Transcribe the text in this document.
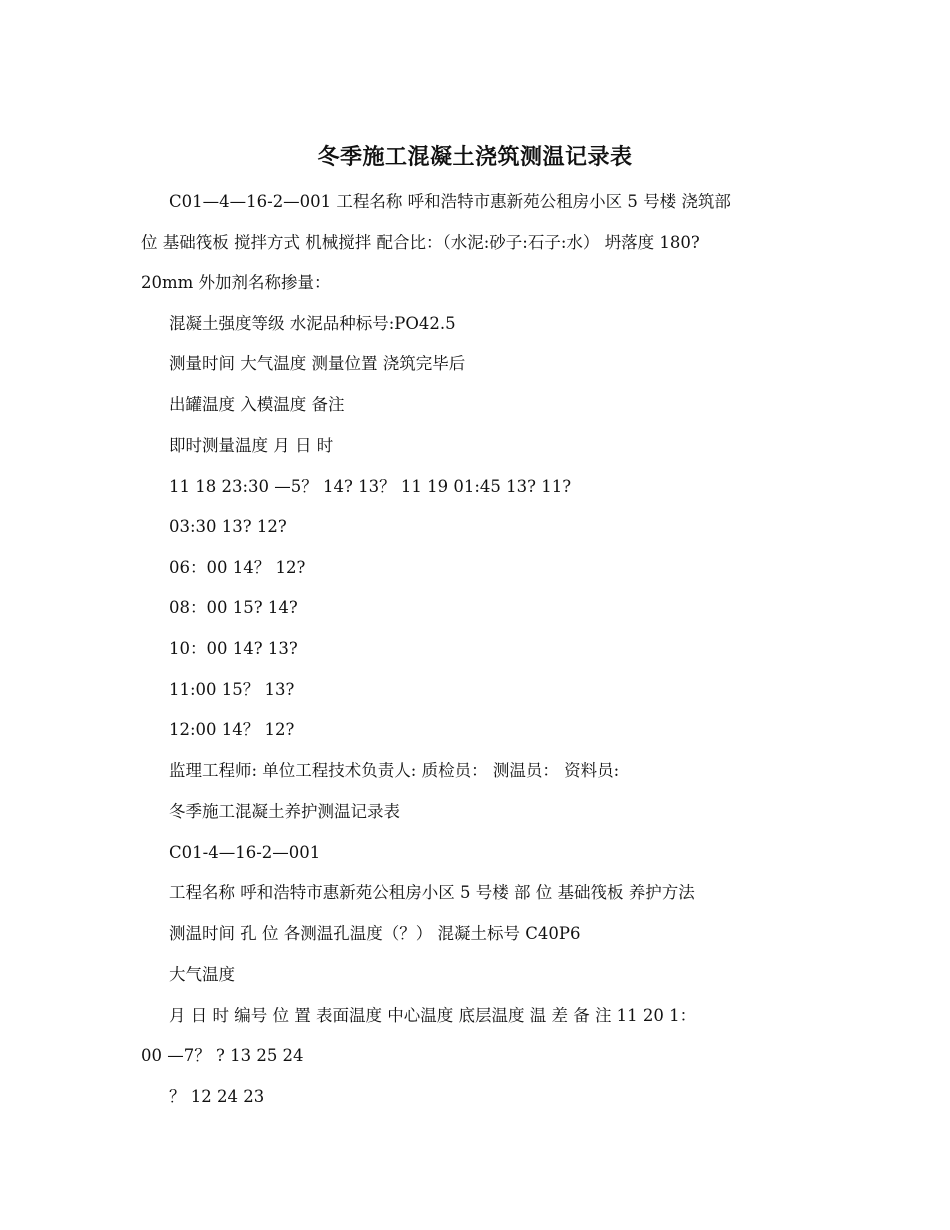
冬季施工混凝土浇筑测温记录表

C01—4—16-2—001 工程名称 呼和浩特市惠新苑公租房小区 5 号楼 浇筑部

位 基础筏板 搅拌方式 机械搅拌 配合比：（水泥:砂子:石子:水） 坍落度 180?

20mm 外加剂名称掺量：

混凝土强度等级 水泥品种标号:PO42.5

测量时间 大气温度 测量位置 浇筑完毕后

出罐温度 入模温度 备注

即时测量温度 月 日 时

11 18 23:30 —5？ 14? 13？ 11 19 01:45 13? 11?

03:30 13? 12?

06：00 14？ 12?

08：00 15? 14?

10：00 14? 13?

11:00 15？ 13?

12:00 14？ 12?

监理工程师: 单位工程技术负责人: 质检员： 测温员： 资料员:

冬季施工混凝土养护测温记录表

C01-4—16-2—001

工程名称 呼和浩特市惠新苑公租房小区 5 号楼 部 位 基础筏板 养护方法

测温时间 孔 位 各测温孔温度（？） 混凝土标号 C40P6

大气温度

月 日 时 编号 位 置 表面温度 中心温度 底层温度 温 差 备 注 11 20 1：

00 —7？ ? 13 25 24

？ 12 24 23
